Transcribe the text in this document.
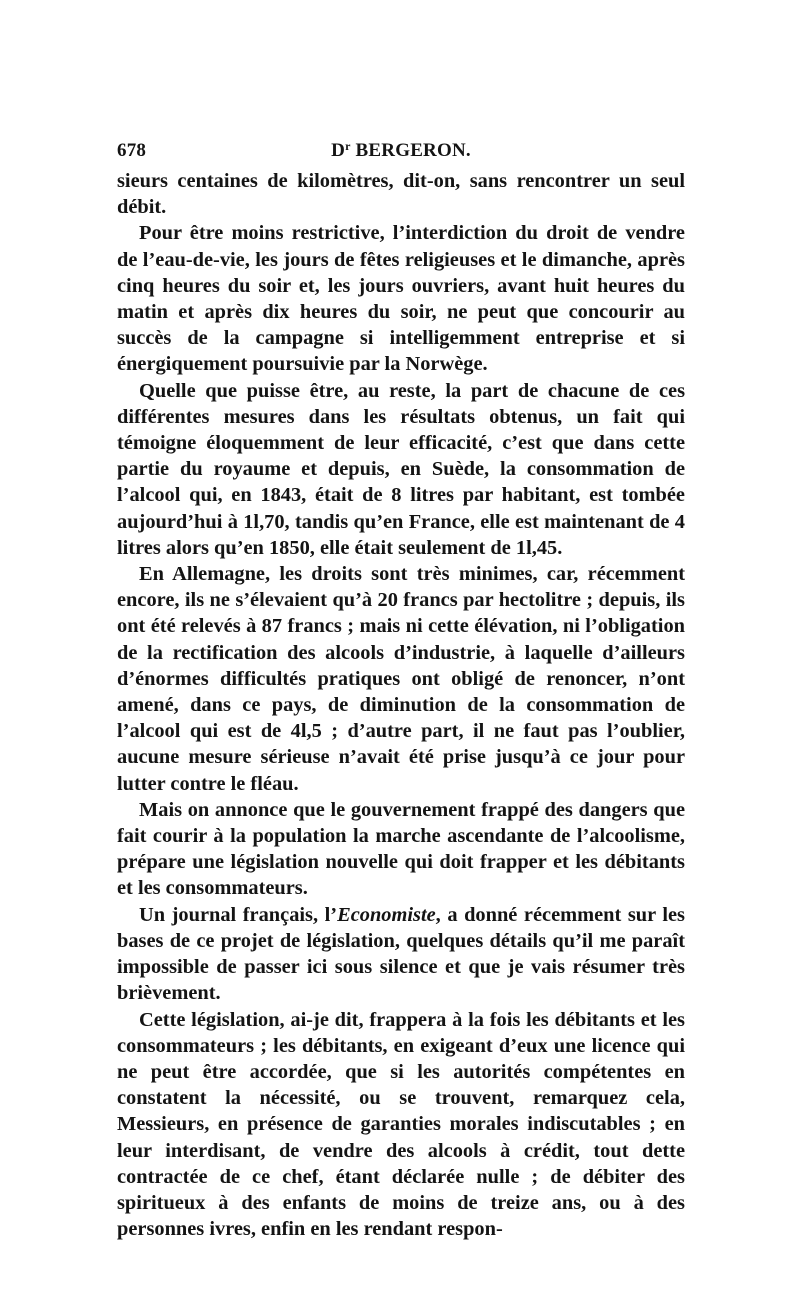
678	$D^r$ BERGERON.

sieurs centaines de kilomètres, dit-on, sans rencontrer un seul débit.

Pour être moins restrictive, l’interdiction du droit de vendre de l’eau-de-vie, les jours de fêtes religieuses et le dimanche, après cinq heures du soir et, les jours ouvriers, avant huit heures du matin et après dix heures du soir, ne peut que concourir au succès de la campagne si intelligemment entreprise et si énergiquement poursuivie par la Norwège.

Quelle que puisse être, au reste, la part de chacune de ces différentes mesures dans les résultats obtenus, un fait qui témoigne éloquemment de leur efficacité, c’est que dans cette partie du royaume et depuis, en Suède, la consommation de l’alcool qui, en 1843, était de 8 litres par habitant, est tombée aujourd’hui à 1l,70, tandis qu’en France, elle est maintenant de 4 litres alors qu’en 1850, elle était seulement de 1l,45.

En Allemagne, les droits sont très minimes, car, récemment encore, ils ne s’élevaient qu’à 20 francs par hectolitre ; depuis, ils ont été relevés à 87 francs ; mais ni cette élévation, ni l’obligation de la rectification des alcools d’industrie, à laquelle d’ailleurs d’énormes difficultés pratiques ont obligé de renoncer, n’ont amené, dans ce pays, de diminution de la consommation de l’alcool qui est de 4l,5 ; d’autre part, il ne faut pas l’oublier, aucune mesure sérieuse n’avait été prise jusqu’à ce jour pour lutter contre le fléau.

Mais on annonce que le gouvernement frappé des dangers que fait courir à la population la marche ascendante de l’alcoolisme, prépare une législation nouvelle qui doit frapper et les débitants et les consommateurs.

Un journal français, l’Economiste, a donné récemment sur les bases de ce projet de législation, quelques détails qu’il me paraît impossible de passer ici sous silence et que je vais résumer très brièvement.

Cette législation, ai-je dit, frappera à la fois les débitants et les consommateurs ; les débitants, en exigeant d’eux une licence qui ne peut être accordée, que si les autorités compétentes en constatent la nécessité, ou se trouvent, remarquez cela, Messieurs, en présence de garanties morales indiscutables ; en leur interdisant, de vendre des alcools à crédit, tout dette contractée de ce chef, étant déclarée nulle ; de débiter des spiritueux à des enfants de moins de treize ans, ou à des personnes ivres, enfin en les rendant respon-
